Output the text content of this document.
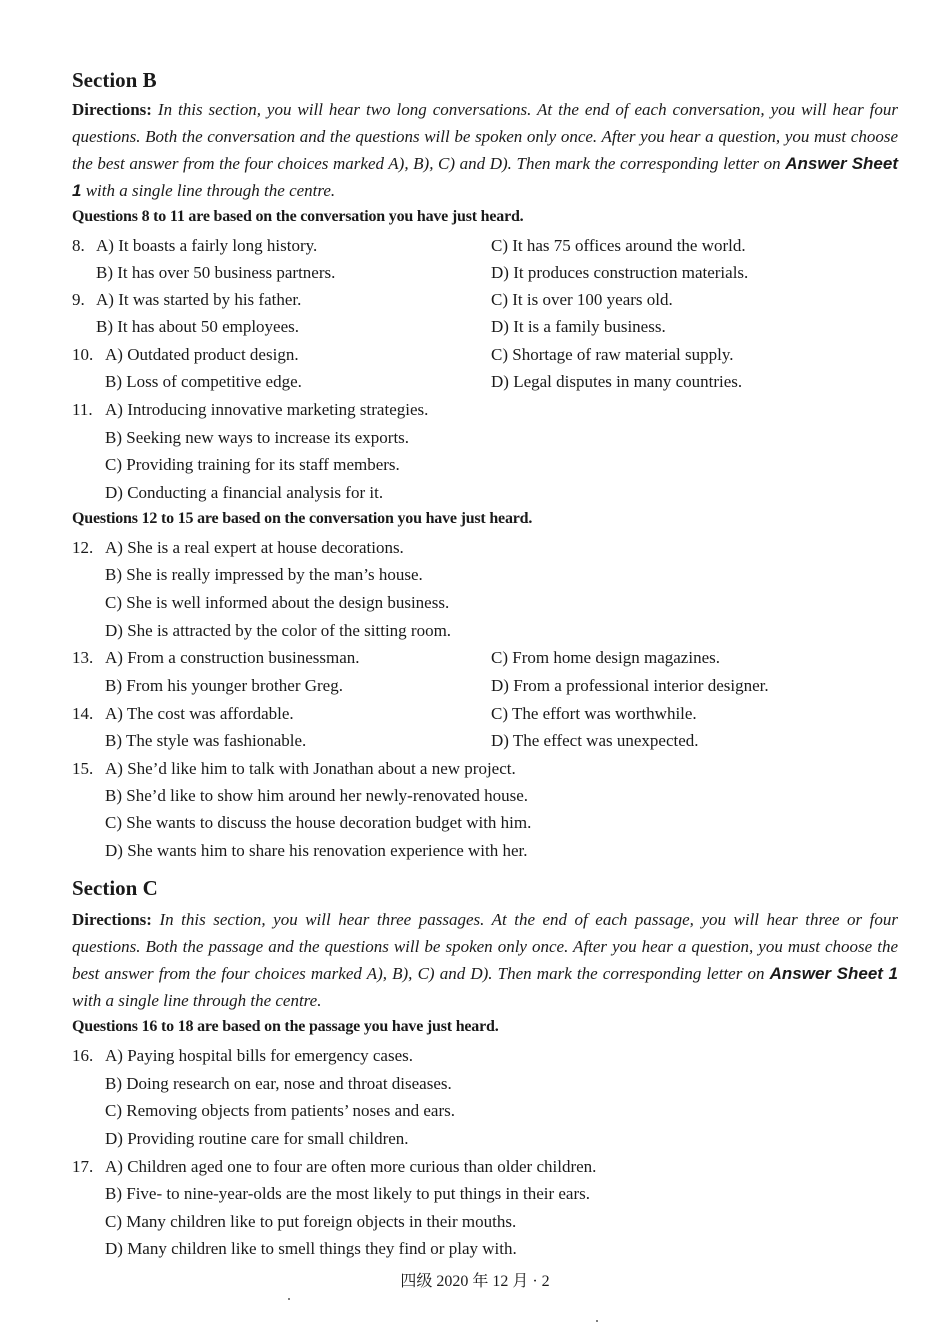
Section B
Directions: In this section, you will hear two long conversations. At the end of each conversation, you will hear four questions. Both the conversation and the questions will be spoken only once. After you hear a question, you must choose the best answer from the four choices marked A), B), C) and D). Then mark the corresponding letter on Answer Sheet 1 with a single line through the centre.
Questions 8 to 11 are based on the conversation you have just heard.
8. A) It boasts a fairly long history.
B) It has over 50 business partners.
C) It has 75 offices around the world.
D) It produces construction materials.
9. A) It was started by his father.
B) It has about 50 employees.
C) It is over 100 years old.
D) It is a family business.
10. A) Outdated product design.
B) Loss of competitive edge.
C) Shortage of raw material supply.
D) Legal disputes in many countries.
11. A) Introducing innovative marketing strategies.
B) Seeking new ways to increase its exports.
C) Providing training for its staff members.
D) Conducting a financial analysis for it.
Questions 12 to 15 are based on the conversation you have just heard.
12. A) She is a real expert at house decorations.
B) She is really impressed by the man’s house.
C) She is well informed about the design business.
D) She is attracted by the color of the sitting room.
13. A) From a construction businessman.
B) From his younger brother Greg.
C) From home design magazines.
D) From a professional interior designer.
14. A) The cost was affordable.
B) The style was fashionable.
C) The effort was worthwhile.
D) The effect was unexpected.
15. A) She’d like him to talk with Jonathan about a new project.
B) She’d like to show him around her newly-renovated house.
C) She wants to discuss the house decoration budget with him.
D) She wants him to share his renovation experience with her.
Section C
Directions: In this section, you will hear three passages. At the end of each passage, you will hear three or four questions. Both the passage and the questions will be spoken only once. After you hear a question, you must choose the best answer from the four choices marked A), B), C) and D). Then mark the corresponding letter on Answer Sheet 1 with a single line through the centre.
Questions 16 to 18 are based on the passage you have just heard.
16. A) Paying hospital bills for emergency cases.
B) Doing research on ear, nose and throat diseases.
C) Removing objects from patients’ noses and ears.
D) Providing routine care for small children.
17. A) Children aged one to four are often more curious than older children.
B) Five- to nine-year-olds are the most likely to put things in their ears.
C) Many children like to put foreign objects in their mouths.
D) Many children like to smell things they find or play with.
四级 2020 年 12 月 · 2
